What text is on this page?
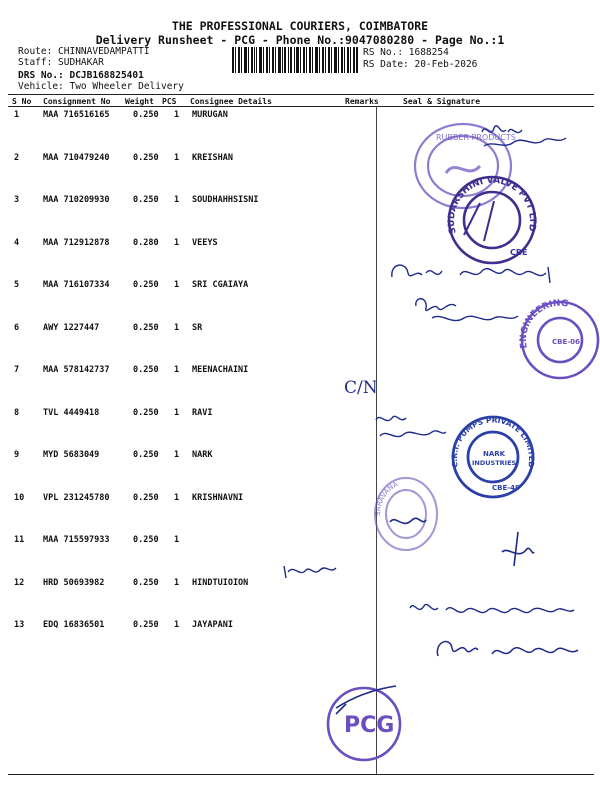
THE PROFESSIONAL COURIERS, COIMBATORE
Delivery Runsheet - PCG - Phone No.:9047080280 - Page No.:1
Route: CHINNAVEDAMPATTI
Staff: SUDHAKAR
DRS No.: DCJB168825401
Vehicle: Two Wheeler Delivery
RS No.: 1688254
RS Date: 20-Feb-2026
S No Consignment No Weight PCS Consignee Details	Remarks	Seal & Signature
1	MAA 716516165	0.250 1 MURUGAN
2	MAA 710479240	0.250 1 KREISHAN
3	MAA 710209930	0.250 1 SOUDHAHHSISNI
4	MAA 712912878	0.280 1 VEEYS
5	MAA 716107334	0.250 1 SRI CGAIAYA
6	AWY 1227447	0.250 1 SR
7	MAA 578142737	0.250 1 MEENACHAINI
8	TVL 4449418	0.250 1 RAVI
9	MYD 5683049	0.250 1 NARK
10 VPL 231245780	0.250 1 KRISHNAVNI
11 MAA 715597933	0.250 1
12 HRD 50693982	0.250 1 HINDTUIOION
13 EDQ 16836501	0.250 1 JAYAPANI
C/N
RUBBER PRODUCTS
SUDARSHINI VALVE PVT LTD
CBE
ENGINEERING
CBE-06
C.R.I. PUMPS PRIVATE LIMITED
NARK
INDUSTRIES
CBE-49
SARAVANA
PCG
